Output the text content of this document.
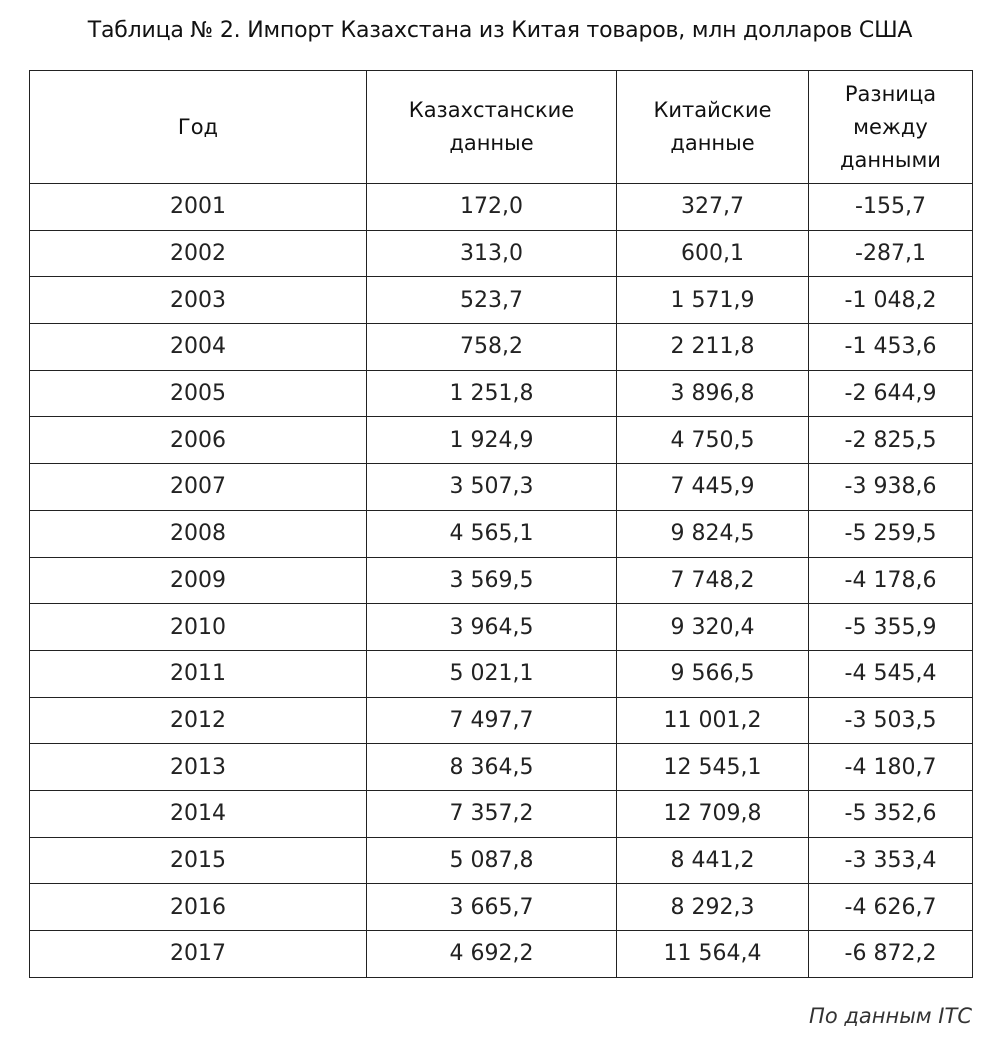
Таблица № 2. Импорт Казахстана из Китая товаров, млн долларов США
Год	Казахстанские данные	Китайские данные	Разница между данными
2001	172,0	327,7	-155,7
2002	313,0	600,1	-287,1
2003	523,7	1 571,9	-1 048,2
2004	758,2	2 211,8	-1 453,6
2005	1 251,8	3 896,8	-2 644,9
2006	1 924,9	4 750,5	-2 825,5
2007	3 507,3	7 445,9	-3 938,6
2008	4 565,1	9 824,5	-5 259,5
2009	3 569,5	7 748,2	-4 178,6
2010	3 964,5	9 320,4	-5 355,9
2011	5 021,1	9 566,5	-4 545,4
2012	7 497,7	11 001,2	-3 503,5
2013	8 364,5	12 545,1	-4 180,7
2014	7 357,2	12 709,8	-5 352,6
2015	5 087,8	8 441,2	-3 353,4
2016	3 665,7	8 292,3	-4 626,7
2017	4 692,2	11 564,4	-6 872,2
По данным ITC
